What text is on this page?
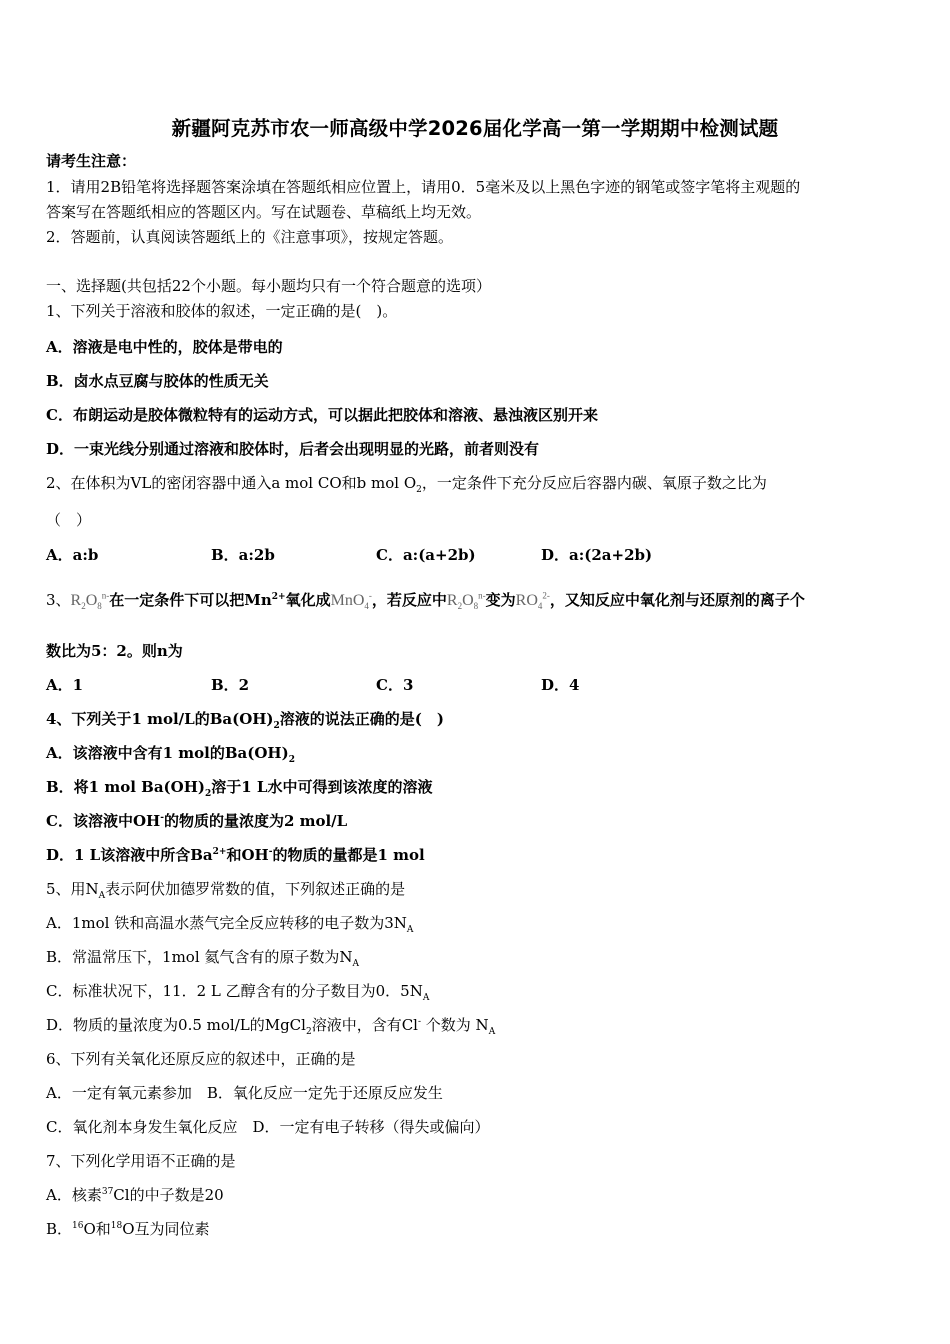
新疆阿克苏市农一师高级中学2026届化学高一第一学期期中检测试题
请考生注意：
1．请用2B铅笔将选择题答案涂填在答题纸相应位置上，请用0．5毫米及以上黑色字迹的钢笔或签字笔将主观题的
答案写在答题纸相应的答题区内。写在试题卷、草稿纸上均无效。
2．答题前，认真阅读答题纸上的《注意事项》，按规定答题。
一、选择题(共包括22个小题。每小题均只有一个符合题意的选项）
1、下列关于溶液和胶体的叙述，一定正确的是(　)。
A．溶液是电中性的，胶体是带电的
B．卤水点豆腐与胶体的性质无关
C．布朗运动是胶体微粒特有的运动方式，可以据此把胶体和溶液、悬浊液区别开来
D．一束光线分别通过溶液和胶体时，后者会出现明显的光路，前者则没有
2、在体积为VL的密闭容器中通入a mol CO和b mol $O_2$，一定条件下充分反应后容器内碳、氧原子数之比为
（　）
A．a:b	B．a:2b	C．a:(a+2b)	D．a:(2a+2b)
3、$R_2O_8^{n-}$在一定条件下可以把$Mn^{2+}$氧化成MnO$_4$-，若反应中$R_2O_8^{n-}$变为$RO_4^{2-}$，又知反应中氧化剂与还原剂的离子个
数比为5：2。则n为
A．1	B．2	C．3	D．4
4、下列关于1 mol/L的$Ba(OH)_2$溶液的说法正确的是(　)
A．该溶液中含有1 mol的$Ba(OH)_2$
B．将1 mol $Ba(OH)_2$溶于1 L水中可得到该浓度的溶液
C．该溶液中OH-的物质的量浓度为2 mol/L
D．1 L该溶液中所含$Ba^{2+}$和OH-的物质的量都是1 mol
5、用$N_A$表示阿伏加德罗常数的值，下列叙述正确的是
A．1mol 铁和高温水蒸气完全反应转移的电子数为$3N_A$
B．常温常压下，1mol 氦气含有的原子数为$N_A$
C．标准状况下，11．2 L 乙醇含有的分子数目为0．$5N_A$
D．物质的量浓度为0.5 mol/L的MgCl$_2$溶液中，含有Cl- 个数为 $N_A$
6、下列有关氧化还原反应的叙述中，正确的是
A．一定有氧元素参加　B．氧化反应一定先于还原反应发生
C．氧化剂本身发生氧化反应　D．一定有电子转移（得失或偏向）
7、下列化学用语不正确的是
A．核素$^{37}$Cl的中子数是20
B．$^{16}$O和$^{18}$O互为同位素
